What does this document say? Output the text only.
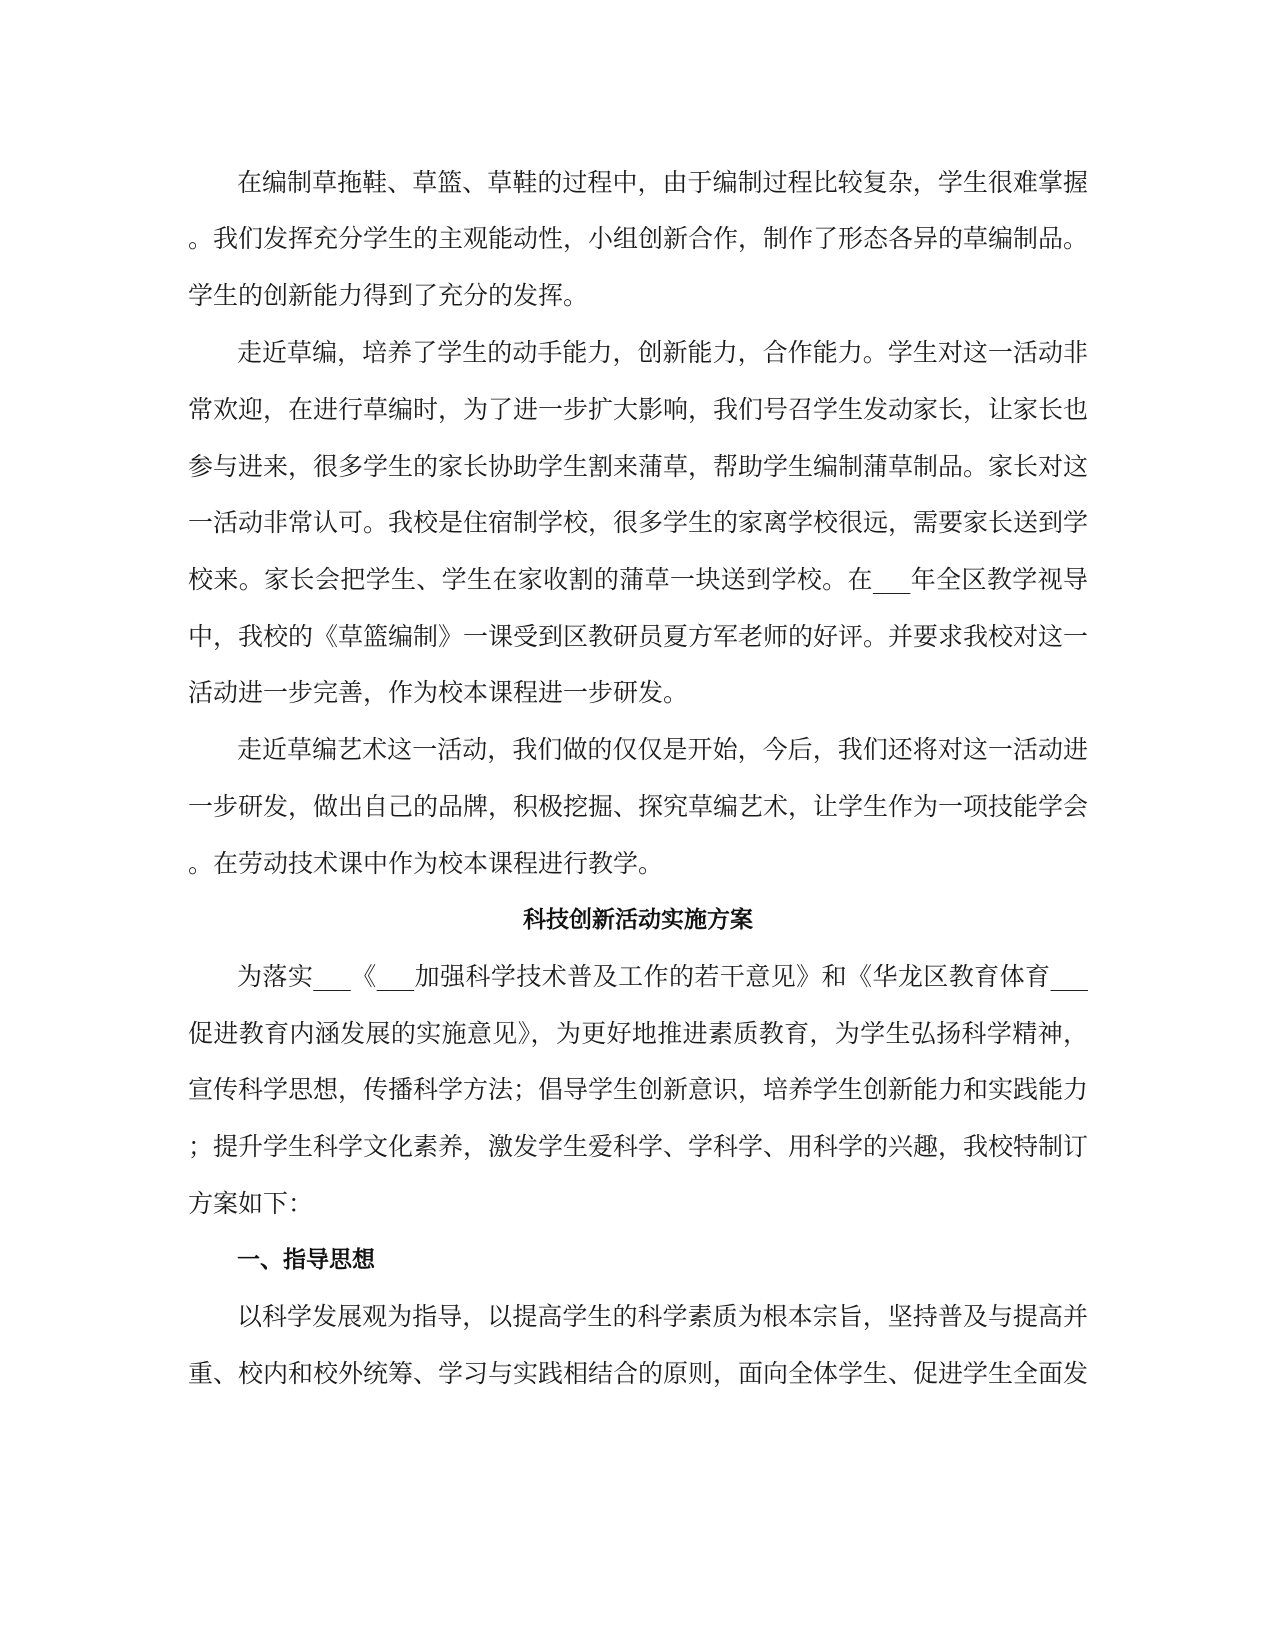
在编制草拖鞋、草篮、草鞋的过程中，由于编制过程比较复杂，学生很难掌握

。我们发挥充分学生的主观能动性，小组创新合作，制作了形态各异的草编制品。

学生的创新能力得到了充分的发挥。

走近草编，培养了学生的动手能力，创新能力，合作能力。学生对这一活动非

常欢迎，在进行草编时，为了进一步扩大影响，我们号召学生发动家长，让家长也

参与进来，很多学生的家长协助学生割来蒲草，帮助学生编制蒲草制品。家长对这

一活动非常认可。我校是住宿制学校，很多学生的家离学校很远，需要家长送到学

校来。家长会把学生、学生在家收割的蒲草一块送到学校。在___年全区教学视导

中，我校的《草篮编制》一课受到区教研员夏方军老师的好评。并要求我校对这一

活动进一步完善，作为校本课程进一步研发。

走近草编艺术这一活动，我们做的仅仅是开始，今后，我们还将对这一活动进

一步研发，做出自己的品牌，积极挖掘、探究草编艺术，让学生作为一项技能学会

。在劳动技术课中作为校本课程进行教学。

科技创新活动实施方案

为落实___《___加强科学技术普及工作的若干意见》和《华龙区教育体育___

促进教育内涵发展的实施意见》，为更好地推进素质教育，为学生弘扬科学精神，

宣传科学思想，传播科学方法；倡导学生创新意识，培养学生创新能力和实践能力

；提升学生科学文化素养，激发学生爱科学、学科学、用科学的兴趣，我校特制订

方案如下：

一、指导思想

以科学发展观为指导，以提高学生的科学素质为根本宗旨，坚持普及与提高并

重、校内和校外统筹、学习与实践相结合的原则，面向全体学生、促进学生全面发
